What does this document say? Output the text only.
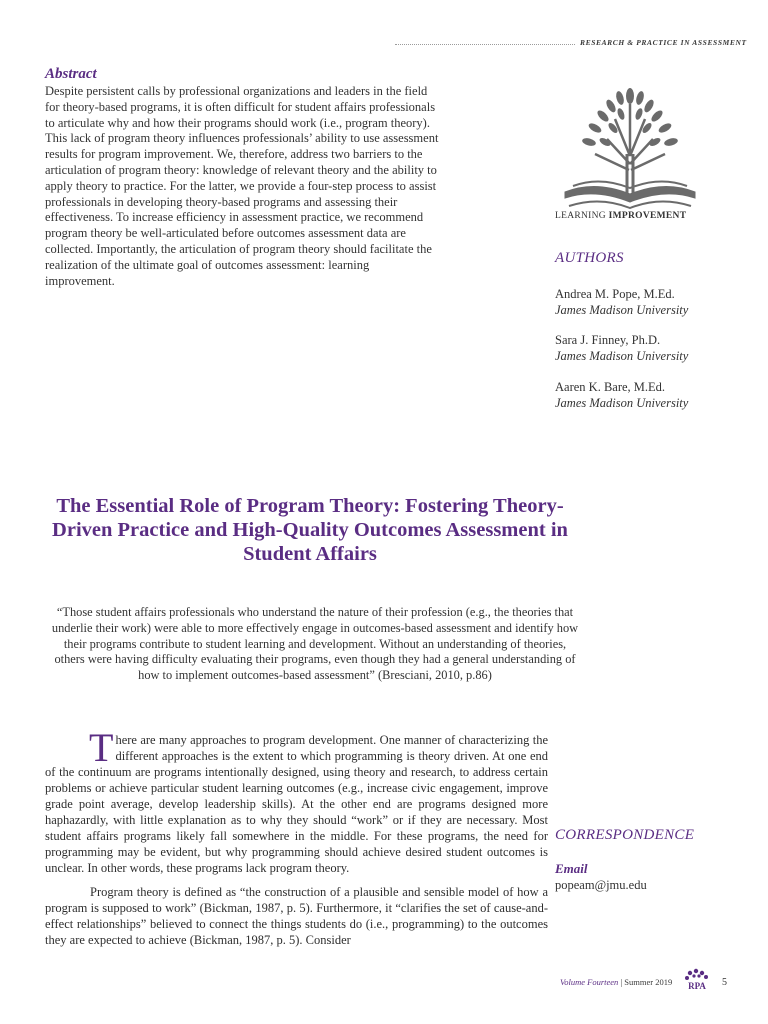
RESEARCH & PRACTICE IN ASSESSMENT
Abstract

Despite persistent calls by professional organizations and leaders in the field for theory-based programs, it is often difficult for student affairs professionals to articulate why and how their programs should work (i.e., program theory). This lack of program theory influences professionals’ ability to use assessment results for program improvement. We, therefore, address two barriers to the articulation of program theory: knowledge of relevant theory and the ability to apply theory to practice. For the latter, we provide a four-step process to assist professionals in developing theory-based programs and assessing their effectiveness. To increase efficiency in assessment practice, we recommend program theory be well-articulated before outcomes assessment data are collected. Importantly, the articulation of program theory should facilitate the realization of the ultimate goal of outcomes assessment: learning improvement.

LEARNING IMPROVEMENT
AUTHORS
Andrea M. Pope, M.Ed.
James Madison University
Sara J. Finney, Ph.D.
James Madison University
Aaren K. Bare, M.Ed.
James Madison University
The Essential Role of Program Theory: Fostering Theory-Driven Practice and High-Quality Outcomes Assessment in Student Affairs
“Those student affairs professionals who understand the nature of their profession (e.g., the theories that underlie their work) were able to more effectively engage in outcomes-based assessment and identify how their programs contribute to student learning and development. Without an understanding of theories, others were having difficulty evaluating their programs, even though they had a general understanding of how to implement outcomes-based assessment” (Bresciani, 2010, p.86)

There are many approaches to program development. One manner of characterizing the different approaches is the extent to which programming is theory driven. At one end of the continuum are programs intentionally designed, using theory and research, to address certain problems or achieve particular student learning outcomes (e.g., increase civic engagement, improve grade point average, develop leadership skills). At the other end are programs designed more haphazardly, with little explanation as to why they should “work” or if they are necessary. Most student affairs programs likely fall somewhere in the middle. For these programs, the need for programming may be evident, but why programming should achieve desired student outcomes is unclear. In other words, these programs lack program theory.

Program theory is defined as “the construction of a plausible and sensible model of how a program is supposed to work” (Bickman, 1987, p. 5). Furthermore, it “clarifies the set of cause-and-effect relationships” believed to connect the things students do (i.e., programming) to the outcomes they are expected to achieve (Bickman, 1987, p. 5). Consider

CORRESPONDENCE
Email
popeam@jmu.edu
Volume Fourteen | Summer 2019 RPA 5
